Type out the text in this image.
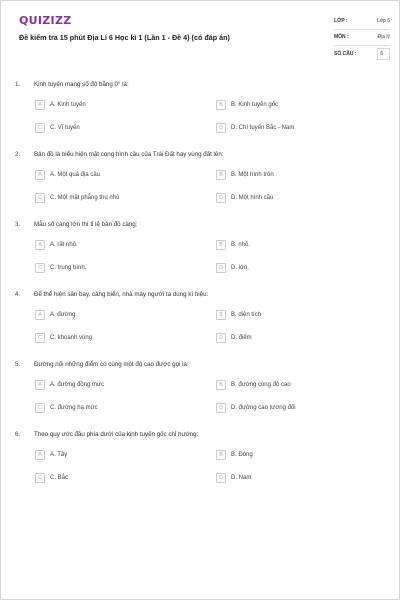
QUIZIZZ
Đề kiểm tra 15 phút Địa Lí 6 Học kì 1 (Lần 1 - Đề 4) (có đáp án)
LỚP :	Lớp 6
MÔN :	Địa lý
SỐ CÂU :	6
1.	Kinh tuyến mang số độ bằng 0° là:
A	A. Kinh tuyến	B	B. Kinh tuyến gốc
C	C. Vĩ tuyến	D	D. Chí tuyến Bắc - Nam
2.	Bản đồ là biểu hiện mặt cong hình cầu của Trái Đất hay vùng đất lên:
A	A. Một quả địa cầu	B	B. Một hình tròn
C	C. Một mặt phẳng thu nhỏ	D	D. Một hình cầu
3.	Mẫu số càng lớn thì tỉ lệ bản đồ càng:
A	A. rất nhỏ.	B	B. nhỏ.
C	C. trung bình.	D	D. lớn.
4.	Để thể hiện sân bay, cảng biển, nhà máy người ta dùng kí hiệu:
A	A. đường	B	B. diện tích
C	C. khoanh vùng	D	D. điểm
5.	Đường nối những điểm có cùng một độ cao được gọi là:
A	A. đường đồng mức	B	B. đường cùng độ cao
C	C. đường hạ mức	D	D. đường cao tương đối
6.	Theo quy ước đầu phía dưới của kinh tuyến gốc chỉ hướng:
A	A. Tây	B	B. Đông
C	C. Bắc	D	D. Nam
